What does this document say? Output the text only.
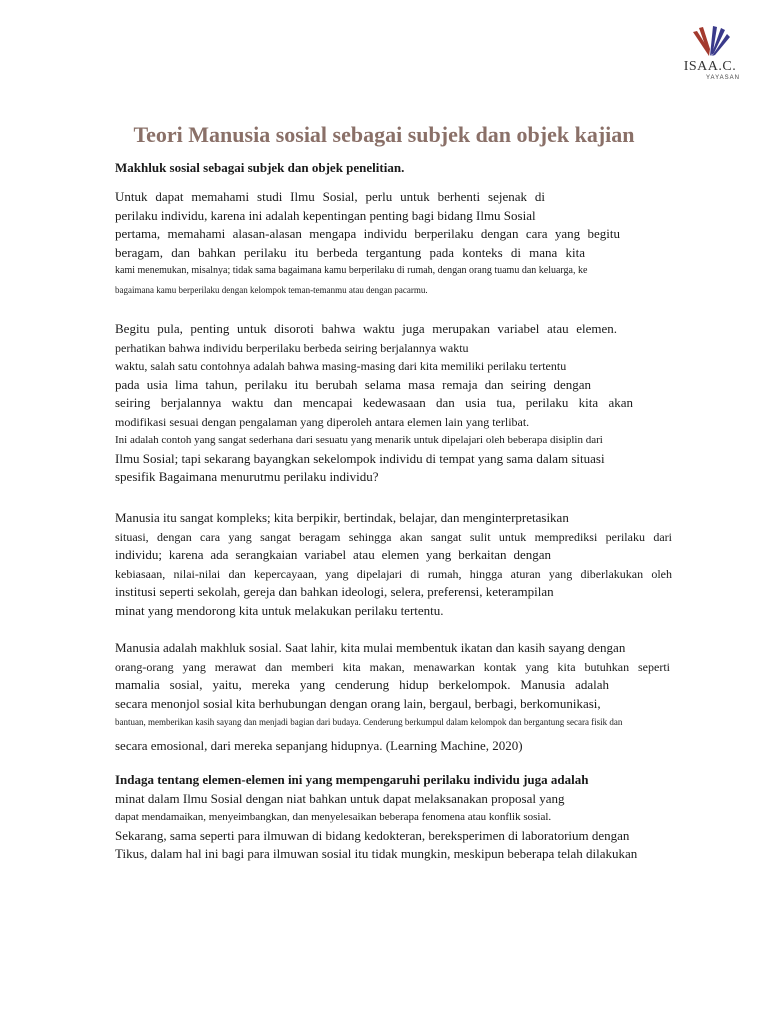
ISAA.C.
YAYASAN
Teori Manusia sosial sebagai subjek dan objek kajian

Makhluk sosial sebagai subjek dan objek penelitian.

Untuk dapat memahami studi Ilmu Sosial, perlu untuk berhenti sejenak di
perilaku individu, karena ini adalah kepentingan penting bagi bidang Ilmu Sosial
pertama, memahami alasan-alasan mengapa individu berperilaku dengan cara yang begitu
beragam, dan bahkan perilaku itu berbeda tergantung pada konteks di mana kita
kami menemukan, misalnya; tidak sama bagaimana kamu berperilaku di rumah, dengan orang tuamu dan keluarga, ke
bagaimana kamu berperilaku dengan kelompok teman-temanmu atau dengan pacarmu.
Begitu pula, penting untuk disoroti bahwa waktu juga merupakan variabel atau elemen.
perhatikan bahwa individu berperilaku berbeda seiring berjalannya waktu
waktu, salah satu contohnya adalah bahwa masing-masing dari kita memiliki perilaku tertentu
pada usia lima tahun, perilaku itu berubah selama masa remaja dan seiring dengan
seiring berjalannya waktu dan mencapai kedewasaan dan usia tua, perilaku kita akan
modifikasi sesuai dengan pengalaman yang diperoleh antara elemen lain yang terlibat.
Ini adalah contoh yang sangat sederhana dari sesuatu yang menarik untuk dipelajari oleh beberapa disiplin dari
Ilmu Sosial; tapi sekarang bayangkan sekelompok individu di tempat yang sama dalam situasi
spesifik Bagaimana menurutmu perilaku individu?
Manusia itu sangat kompleks; kita berpikir, bertindak, belajar, dan menginterpretasikan
situasi, dengan cara yang sangat beragam sehingga akan sangat sulit untuk memprediksi perilaku dari
individu; karena ada serangkaian variabel atau elemen yang berkaitan dengan
kebiasaan, nilai-nilai dan kepercayaan, yang dipelajari di rumah, hingga aturan yang diberlakukan oleh
institusi seperti sekolah, gereja dan bahkan ideologi, selera, preferensi, keterampilan
minat yang mendorong kita untuk melakukan perilaku tertentu.
Manusia adalah makhluk sosial. Saat lahir, kita mulai membentuk ikatan dan kasih sayang dengan
orang-orang yang merawat dan memberi kita makan, menawarkan kontak yang kita butuhkan seperti
mamalia sosial, yaitu, mereka yang cenderung hidup berkelompok. Manusia adalah
secara menonjol sosial kita berhubungan dengan orang lain, bergaul, berbagi, berkomunikasi,
bantuan, memberikan kasih sayang dan menjadi bagian dari budaya. Cenderung berkumpul dalam kelompok dan bergantung secara fisik dan
secara emosional, dari mereka sepanjang hidupnya. (Learning Machine, 2020)
Indaga tentang elemen-elemen ini yang mempengaruhi perilaku individu juga adalah
minat dalam Ilmu Sosial dengan niat bahkan untuk dapat melaksanakan proposal yang
dapat mendamaikan, menyeimbangkan, dan menyelesaikan beberapa fenomena atau konflik sosial.
Sekarang, sama seperti para ilmuwan di bidang kedokteran, bereksperimen di laboratorium dengan
Tikus, dalam hal ini bagi para ilmuwan sosial itu tidak mungkin, meskipun beberapa telah dilakukan
